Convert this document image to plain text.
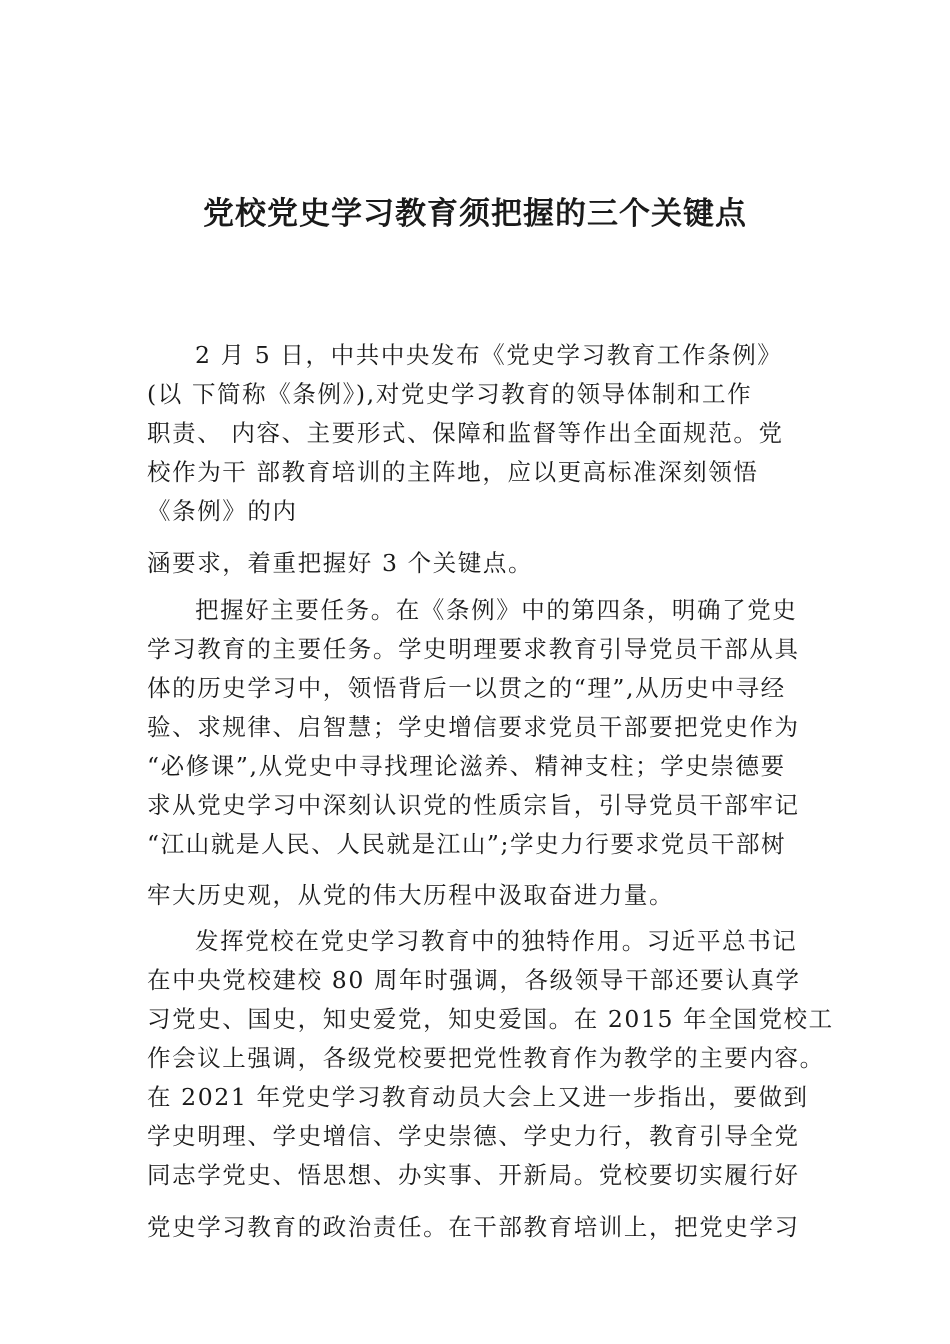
党校党史学习教育须把握的三个关键点

2 月 5 日，中共中央发布《党史学习教育工作条例》

(以 下简称《条例》),对党史学习教育的领导体制和工作

职责、 内容、主要形式、保障和监督等作出全面规范。党

校作为干 部教育培训的主阵地，应以更高标准深刻领悟

《条例》的内

涵要求，着重把握好 3 个关键点。

把握好主要任务。在《条例》中的第四条，明确了党史

学习教育的主要任务。学史明理要求教育引导党员干部从具

体的历史学习中，领悟背后一以贯之的“理”,从历史中寻经

验、求规律、启智慧；学史增信要求党员干部要把党史作为

“必修课”,从党史中寻找理论滋养、精神支柱；学史崇德要

求从党史学习中深刻认识党的性质宗旨，引导党员干部牢记

“江山就是人民、人民就是江山”;学史力行要求党员干部树

牢大历史观，从党的伟大历程中汲取奋进力量。

发挥党校在党史学习教育中的独特作用。习近平总书记

在中央党校建校 80 周年时强调，各级领导干部还要认真学

习党史、国史，知史爱党，知史爱国。在 2015 年全国党校工

作会议上强调，各级党校要把党性教育作为教学的主要内容。

在 2021 年党史学习教育动员大会上又进一步指出，要做到

学史明理、学史增信、学史崇德、学史力行，教育引导全党

同志学党史、悟思想、办实事、开新局。党校要切实履行好

党史学习教育的政治责任。在干部教育培训上，把党史学习
